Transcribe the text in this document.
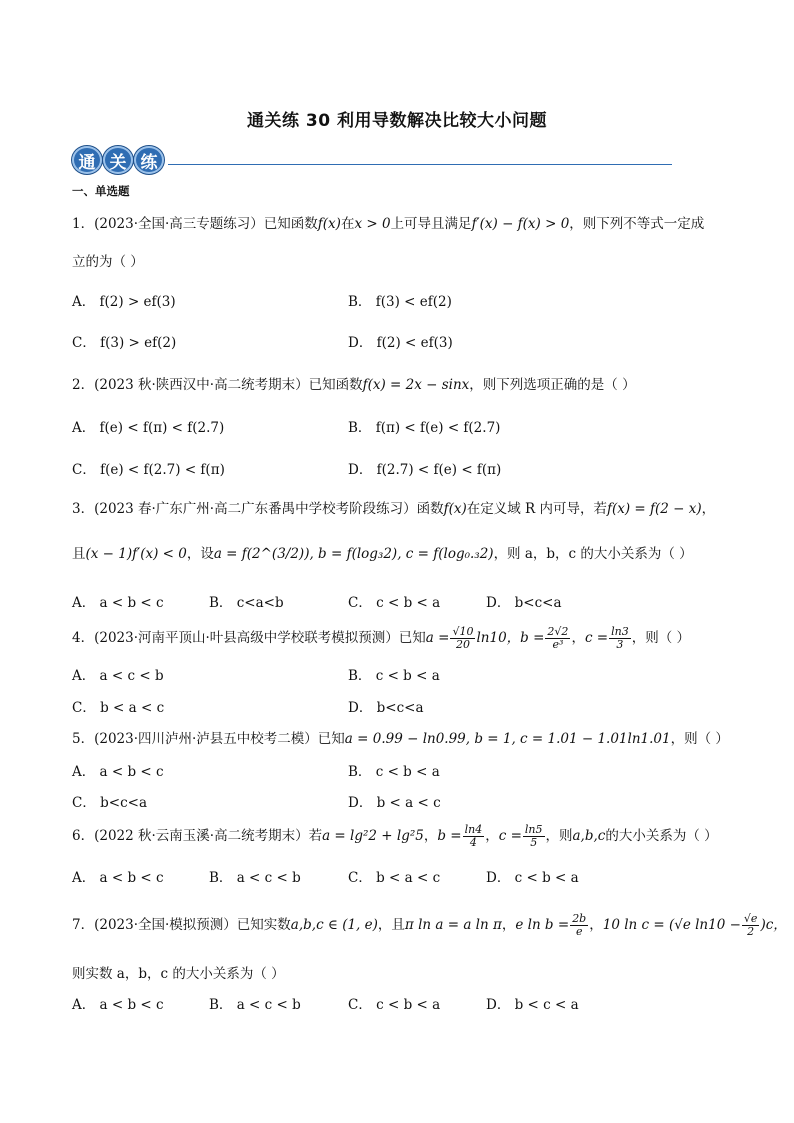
通关练 30 利用导数解决比较大小问题
通 关 练
一、单选题
1．(2023·全国·高三专题练习）已知函数f(x)在x > 0上可导且满足f′(x) − f(x) > 0，则下列不等式一定成
立的为（ ）
A． f(2) > ef(3)	B． f(3) < ef(2)
C． f(3) > ef(2)	D． f(2) < ef(3)
2．(2023 秋·陕西汉中·高二统考期末）已知函数f(x) = 2x − sinx，则下列选项正确的是（ ）
A． f(e) < f(π) < f(2.7)	B． f(π) < f(e) < f(2.7)
C． f(e) < f(2.7) < f(π)	D． f(2.7) < f(e) < f(π)
3．(2023 春·广东广州·高二广东番禺中学校考阶段练习）函数f(x)在定义域 R 内可导，若f(x) = f(2 − x)，
且(x − 1)f′(x) < 0，设a = f(2^(3/2)), b = f(log₃2), c = f(log₀.₃2)，则 a，b，c 的大小关系为（ ）
A． a < b < c	B． c<a<b	C． c < b < a	D． b<c<a
4．(2023·河南平顶山·叶县高级中学校联考模拟预测）已知$a = \frac{√10}{20} \ln 10$，$b = \frac{2√2}{\text{e³}}$ ，$c = \frac{\ln 3}{3}$ ，则（ ）
A． a < c < b	B． c < b < a
C． b < a < c	D． b<c<a
5．(2023·四川泸州·泸县五中校考二模）已知a = 0.99 − ln0.99, b = 1, c = 1.01 − 1.01ln1.01，则（ ）
A． a < b < c	B． c < b < a
C． b<c<a	D． b < a < c
6．(2022 秋·云南玉溪·高二统考期末）若a = lg²2 + lg²5，$b = \frac{\ln 4}{4}$ ，$c = \frac{\ln 5}{5}$ ，则a,b,c的大小关系为（ ）
A． a < b < c	B． a < c < b	C． b < a < c	D． c < b < a
7．(2023·全国·模拟预测）已知实数a,b,c ∈ (1, e)，且π ln a = a ln π，e $\ln b = \frac{2b}{e}$ ，10 ln c = (√e $\ln 10 - \frac{√e}{2} )c$，
则实数 a，b，c 的大小关系为（ ）
A． a < b < c	B． a < c < b	C． c < b < a	D． b < c < a
